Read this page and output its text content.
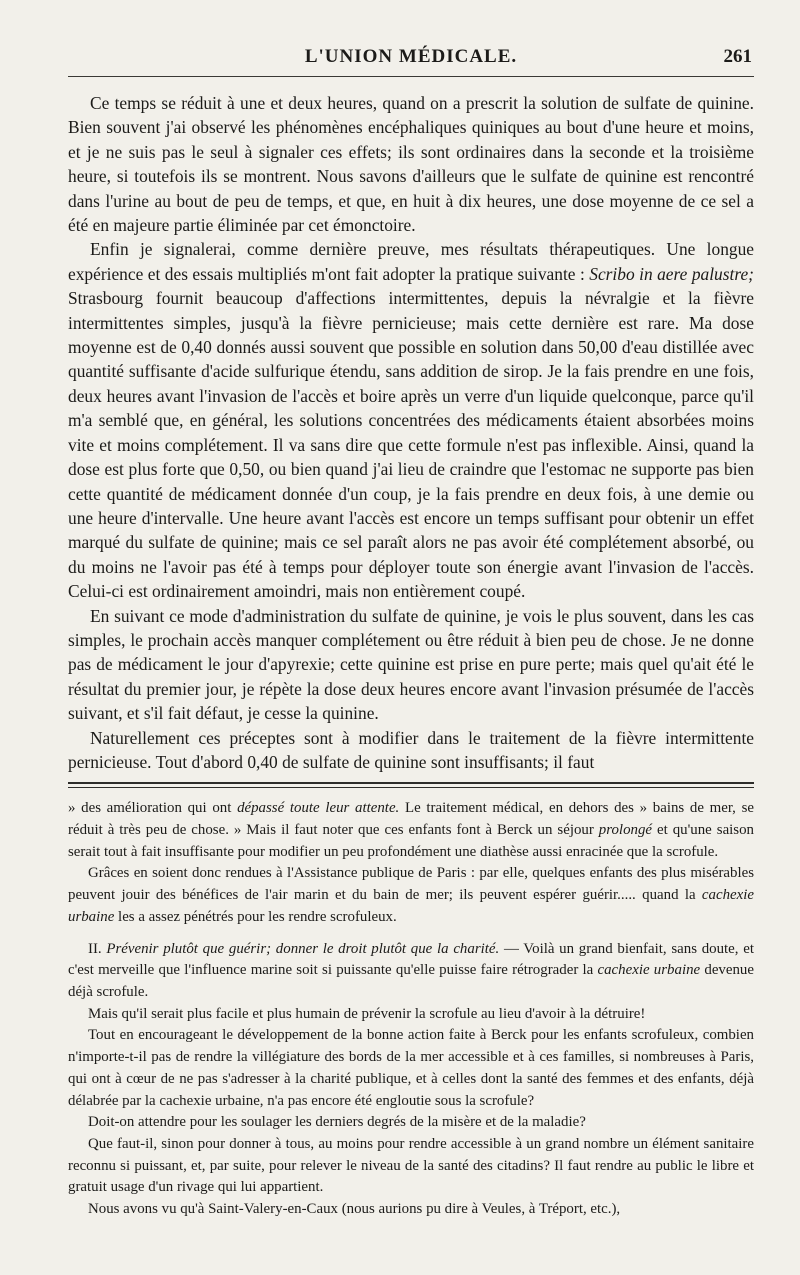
L'UNION MÉDICALE.	261

Ce temps se réduit à une et deux heures, quand on a prescrit la solution de sulfate de quinine. Bien souvent j'ai observé les phénomènes encéphaliques quiniques au bout d'une heure et moins, et je ne suis pas le seul à signaler ces effets; ils sont ordinaires dans la seconde et la troisième heure, si toutefois ils se montrent. Nous savons d'ailleurs que le sulfate de quinine est rencontré dans l'urine au bout de peu de temps, et que, en huit à dix heures, une dose moyenne de ce sel a été en majeure partie éliminée par cet émonctoire.

Enfin je signalerai, comme dernière preuve, mes résultats thérapeutiques. Une longue expérience et des essais multipliés m'ont fait adopter la pratique suivante : Scribo in aere palustre; Strasbourg fournit beaucoup d'affections intermittentes, depuis la névralgie et la fièvre intermittentes simples, jusqu'à la fièvre pernicieuse; mais cette dernière est rare. Ma dose moyenne est de 0,40 donnés aussi souvent que possible en solution dans 50,00 d'eau distillée avec quantité suffisante d'acide sulfurique étendu, sans addition de sirop. Je la fais prendre en une fois, deux heures avant l'invasion de l'accès et boire après un verre d'un liquide quelconque, parce qu'il m'a semblé que, en général, les solutions concentrées des médicaments étaient absorbées moins vite et moins complétement. Il va sans dire que cette formule n'est pas inflexible. Ainsi, quand la dose est plus forte que 0,50, ou bien quand j'ai lieu de craindre que l'estomac ne supporte pas bien cette quantité de médicament donnée d'un coup, je la fais prendre en deux fois, à une demie ou une heure d'intervalle. Une heure avant l'accès est encore un temps suffisant pour obtenir un effet marqué du sulfate de quinine; mais ce sel paraît alors ne pas avoir été complétement absorbé, ou du moins ne l'avoir pas été à temps pour déployer toute son énergie avant l'invasion de l'accès. Celui-ci est ordinairement amoindri, mais non entièrement coupé.

En suivant ce mode d'administration du sulfate de quinine, je vois le plus souvent, dans les cas simples, le prochain accès manquer complétement ou être réduit à bien peu de chose. Je ne donne pas de médicament le jour d'apyrexie; cette quinine est prise en pure perte; mais quel qu'ait été le résultat du premier jour, je répète la dose deux heures encore avant l'invasion présumée de l'accès suivant, et s'il fait défaut, je cesse la quinine.

Naturellement ces préceptes sont à modifier dans le traitement de la fièvre intermittente pernicieuse. Tout d'abord 0,40 de sulfate de quinine sont insuffisants; il faut

» des amélioration qui ont dépassé toute leur attente. Le traitement médical, en dehors des » bains de mer, se réduit à très peu de chose. » Mais il faut noter que ces enfants font à Berck un séjour prolongé et qu'une saison serait tout à fait insuffisante pour modifier un peu profondément une diathèse aussi enracinée que la scrofule.

Grâces en soient donc rendues à l'Assistance publique de Paris : par elle, quelques enfants des plus misérables peuvent jouir des bénéfices de l'air marin et du bain de mer; ils peuvent espérer guérir..... quand la cachexie urbaine les a assez pénétrés pour les rendre scrofuleux.

II. Prévenir plutôt que guérir; donner le droit plutôt que la charité. — Voilà un grand bienfait, sans doute, et c'est merveille que l'influence marine soit si puissante qu'elle puisse faire rétrograder la cachexie urbaine devenue déjà scrofule.

Mais qu'il serait plus facile et plus humain de prévenir la scrofule au lieu d'avoir à la détruire!

Tout en encourageant le développement de la bonne action faite à Berck pour les enfants scrofuleux, combien n'importe-t-il pas de rendre la villégiature des bords de la mer accessible et à ces familles, si nombreuses à Paris, qui ont à cœur de ne pas s'adresser à la charité publique, et à celles dont la santé des femmes et des enfants, déjà délabrée par la cachexie urbaine, n'a pas encore été engloutie sous la scrofule?

Doit-on attendre pour les soulager les derniers degrés de la misère et de la maladie?

Que faut-il, sinon pour donner à tous, au moins pour rendre accessible à un grand nombre un élément sanitaire reconnu si puissant, et, par suite, pour relever le niveau de la santé des citadins? Il faut rendre au public le libre et gratuit usage d'un rivage qui lui appartient.

Nous avons vu qu'à Saint-Valery-en-Caux (nous aurions pu dire à Veules, à Tréport, etc.),
